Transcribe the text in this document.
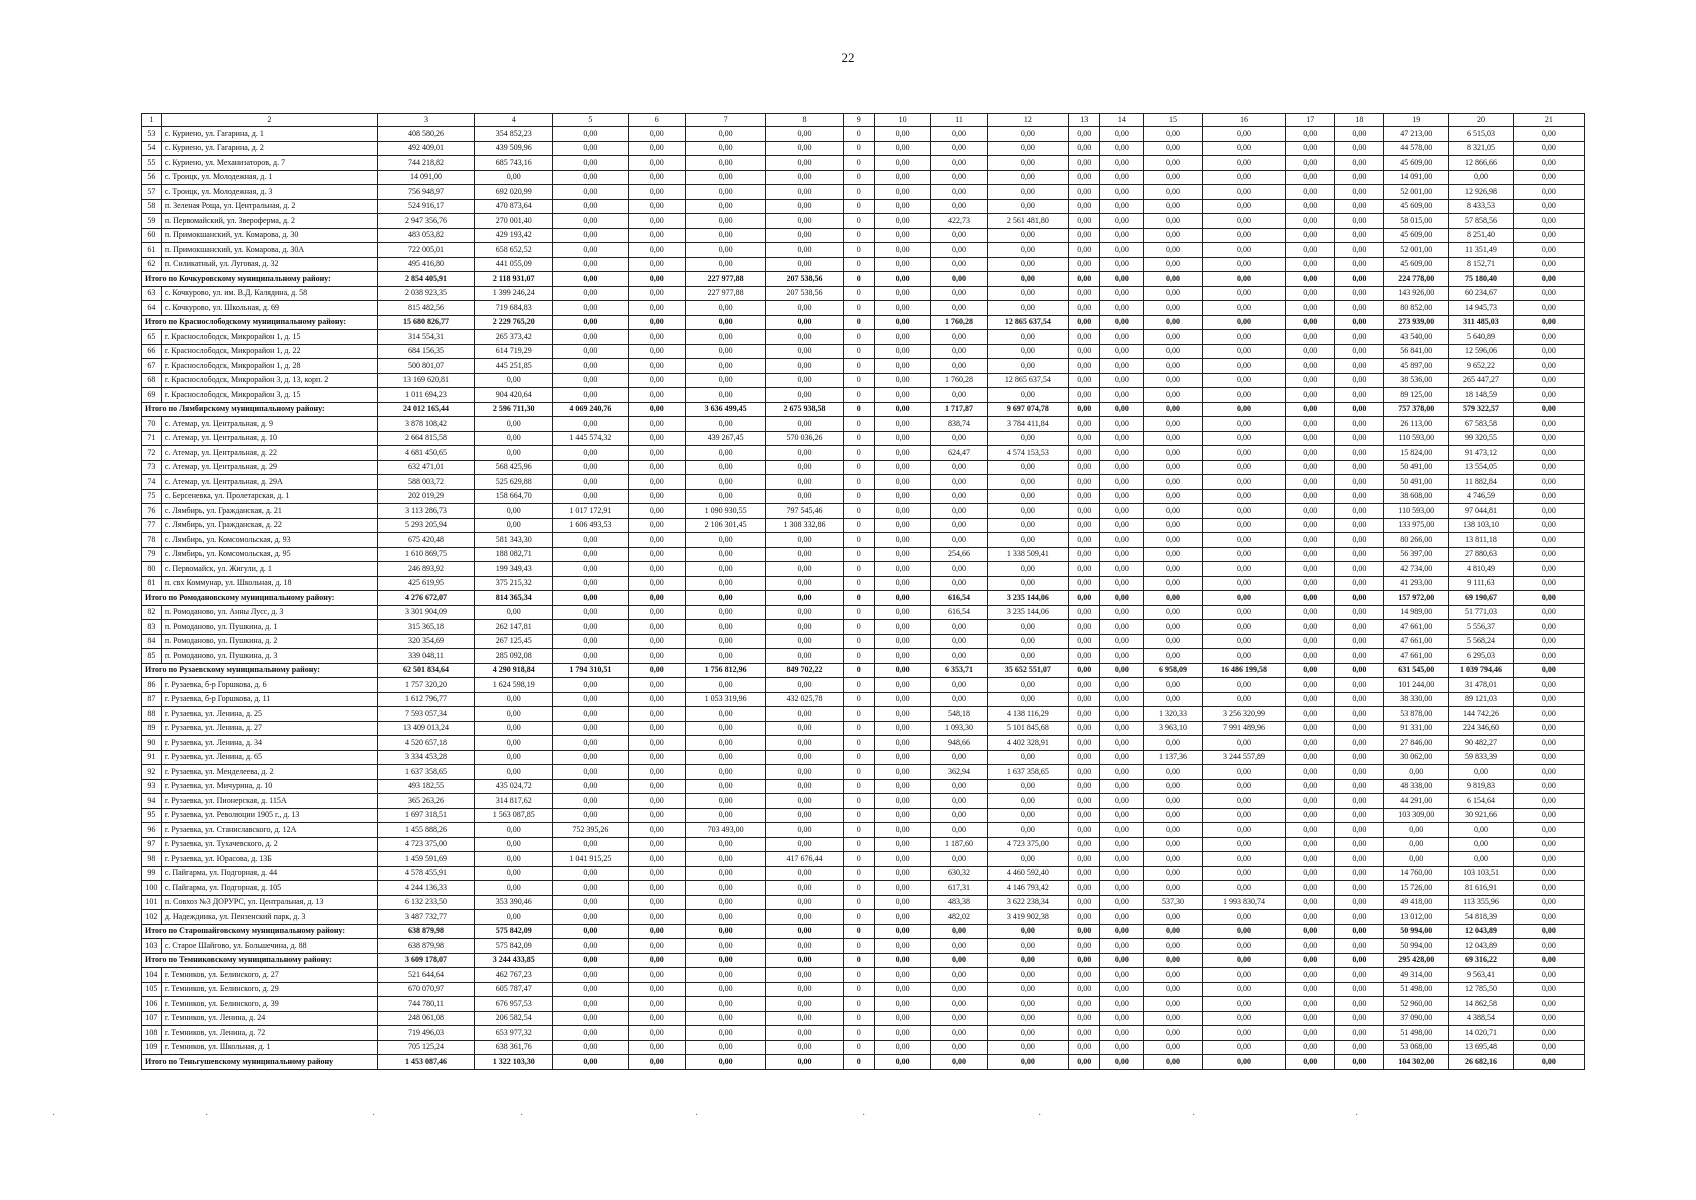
22
1	2	3	4	5	6	7	8	9	10	11	12	13	14	15	16	17	18	19	20	21
53	с. Куриено, ул. Гагарина, д. 1	408 580,26	354 852,23	0,00	0,00	0,00	0,00	0	0,00	0,00	0,00	0,00	0,00	0,00	0,00	0,00	0,00	47 213,00	6 515,03	0,00
54	с. Куриено, ул. Гагарина, д. 2	492 409,01	439 509,96	0,00	0,00	0,00	0,00	0	0,00	0,00	0,00	0,00	0,00	0,00	0,00	0,00	0,00	44 578,00	8 321,05	0,00
55	с. Куриено, ул. Механизаторов, д. 7	744 218,82	685 743,16	0,00	0,00	0,00	0,00	0	0,00	0,00	0,00	0,00	0,00	0,00	0,00	0,00	0,00	45 609,00	12 866,66	0,00
56	с. Троицк, ул. Молодежная, д. 1	14 091,00	0,00	0,00	0,00	0,00	0,00	0	0,00	0,00	0,00	0,00	0,00	0,00	0,00	0,00	0,00	14 091,00	0,00	0,00
57	с. Троицк, ул. Молодежная, д. 3	756 948,97	692 020,99	0,00	0,00	0,00	0,00	0	0,00	0,00	0,00	0,00	0,00	0,00	0,00	0,00	0,00	52 001,00	12 926,98	0,00
58	п. Зеленая Роща, ул. Центральная, д. 2	524 916,17	470 873,64	0,00	0,00	0,00	0,00	0	0,00	0,00	0,00	0,00	0,00	0,00	0,00	0,00	0,00	45 609,00	8 433,53	0,00
59	п. Первомайский, ул. Звероферма, д. 2	2 947 356,76	270 001,40	0,00	0,00	0,00	0,00	0	0,00	422,73	2 561 481,80	0,00	0,00	0,00	0,00	0,00	0,00	58 015,00	57 858,56	0,00
60	п. Примокшанский, ул. Комарова, д. 30	483 053,82	429 193,42	0,00	0,00	0,00	0,00	0	0,00	0,00	0,00	0,00	0,00	0,00	0,00	0,00	0,00	45 609,00	8 251,40	0,00
61	п. Примокшанский, ул. Комарова, д. 30А	722 005,01	658 652,52	0,00	0,00	0,00	0,00	0	0,00	0,00	0,00	0,00	0,00	0,00	0,00	0,00	0,00	52 001,00	11 351,49	0,00
62	п. Силикатный, ул. Луговая, д. 32	495 416,80	441 055,09	0,00	0,00	0,00	0,00	0	0,00	0,00	0,00	0,00	0,00	0,00	0,00	0,00	0,00	45 609,00	8 152,71	0,00
Итого по Кочкуровскому муниципальному району:		2 854 405,91	2 118 931,07	0,00	0,00	227 977,88	207 538,56	0	0,00	0,00	0,00	0,00	0,00	0,00	0,00	0,00	0,00	224 778,00	75 180,40	0,00
63	с. Кочкурово, ул. им. В.Д. Калядина, д. 58	2 038 923,35	1 399 246,24	0,00	0,00	227 977,88	207 538,56	0	0,00	0,00	0,00	0,00	0,00	0,00	0,00	0,00	0,00	143 926,00	60 234,67	0,00
64	с. Кочкурово, ул. Школьная, д. 69	815 482,56	719 684,83	0,00	0,00	0,00	0,00	0	0,00	0,00	0,00	0,00	0,00	0,00	0,00	0,00	0,00	80 852,00	14 945,73	0,00
Итого по Краснослободскому муниципальному району:		15 680 826,77	2 229 765,20	0,00	0,00	0,00	0,00	0	0,00	1 760,28	12 865 637,54	0,00	0,00	0,00	0,00	0,00	0,00	273 939,00	311 485,03	0,00
65	г. Краснослободск, Микрорайон 1, д. 15	314 554,31	265 373,42	0,00	0,00	0,00	0,00	0	0,00	0,00	0,00	0,00	0,00	0,00	0,00	0,00	0,00	43 540,00	5 640,89	0,00
66	г. Краснослободск, Микрорайон 1, д. 22	684 156,35	614 719,29	0,00	0,00	0,00	0,00	0	0,00	0,00	0,00	0,00	0,00	0,00	0,00	0,00	0,00	56 841,00	12 596,06	0,00
67	г. Краснослободск, Микрорайон 1, д. 28	500 801,07	445 251,85	0,00	0,00	0,00	0,00	0	0,00	0,00	0,00	0,00	0,00	0,00	0,00	0,00	0,00	45 897,00	9 652,22	0,00
68	г. Краснослободск, Микрорайон 3, д. 13, корп. 2	13 169 620,81	0,00	0,00	0,00	0,00	0,00	0	0,00	1 760,28	12 865 637,54	0,00	0,00	0,00	0,00	0,00	0,00	38 536,00	265 447,27	0,00
69	г. Краснослободск, Микрорайон 3, д. 15	1 011 694,23	904 420,64	0,00	0,00	0,00	0,00	0	0,00	0,00	0,00	0,00	0,00	0,00	0,00	0,00	0,00	89 125,00	18 148,59	0,00
Итого по Лямбирскому муниципальному району:		24 012 165,44	2 596 711,30	4 069 240,76	0,00	3 636 499,45	2 675 938,58	0	0,00	1 717,87	9 697 074,78	0,00	0,00	0,00	0,00	0,00	0,00	757 378,00	579 322,57	0,00
70	с. Атемар, ул. Центральная, д. 9	3 878 108,42	0,00	0,00	0,00	0,00	0,00	0	0,00	838,74	3 784 411,84	0,00	0,00	0,00	0,00	0,00	0,00	26 113,00	67 583,58	0,00
71	с. Атемар, ул. Центральная, д. 10	2 664 815,58	0,00	1 445 574,32	0,00	439 267,45	570 036,26	0	0,00	0,00	0,00	0,00	0,00	0,00	0,00	0,00	0,00	110 593,00	99 320,55	0,00
72	с. Атемар, ул. Центральная, д. 22	4 681 450,65	0,00	0,00	0,00	0,00	0,00	0	0,00	624,47	4 574 153,53	0,00	0,00	0,00	0,00	0,00	0,00	15 824,00	91 473,12	0,00
73	с. Атемар, ул. Центральная, д. 29	632 471,01	568 425,96	0,00	0,00	0,00	0,00	0	0,00	0,00	0,00	0,00	0,00	0,00	0,00	0,00	0,00	50 491,00	13 554,05	0,00
74	с. Атемар, ул. Центральная, д. 29А	588 003,72	525 629,88	0,00	0,00	0,00	0,00	0	0,00	0,00	0,00	0,00	0,00	0,00	0,00	0,00	0,00	50 491,00	11 882,84	0,00
75	с. Берсеневка, ул. Пролетарская, д. 1	202 019,29	158 664,70	0,00	0,00	0,00	0,00	0	0,00	0,00	0,00	0,00	0,00	0,00	0,00	0,00	0,00	38 608,00	4 746,59	0,00
76	с. Лямбирь, ул. Гражданская, д. 21	3 113 286,73	0,00	1 017 172,91	0,00	1 090 930,55	797 545,46	0	0,00	0,00	0,00	0,00	0,00	0,00	0,00	0,00	0,00	110 593,00	97 044,81	0,00
77	с. Лямбирь, ул. Гражданская, д. 22	5 293 205,94	0,00	1 606 493,53	0,00	2 106 301,45	1 308 332,86	0	0,00	0,00	0,00	0,00	0,00	0,00	0,00	0,00	0,00	133 975,00	138 103,10	0,00
78	с. Лямбирь, ул. Комсомольская, д. 93	675 420,48	581 343,30	0,00	0,00	0,00	0,00	0	0,00	0,00	0,00	0,00	0,00	0,00	0,00	0,00	0,00	80 266,00	13 811,18	0,00
79	с. Лямбирь, ул. Комсомольская, д. 95	1 610 869,75	188 082,71	0,00	0,00	0,00	0,00	0	0,00	254,66	1 338 509,41	0,00	0,00	0,00	0,00	0,00	0,00	56 397,00	27 880,63	0,00
80	с. Первомайск, ул. Жигули, д. 1	246 893,92	199 349,43	0,00	0,00	0,00	0,00	0	0,00	0,00	0,00	0,00	0,00	0,00	0,00	0,00	0,00	42 734,00	4 810,49	0,00
81	п. свх Коммунар, ул. Школьная, д. 18	425 619,95	375 215,32	0,00	0,00	0,00	0,00	0	0,00	0,00	0,00	0,00	0,00	0,00	0,00	0,00	0,00	41 293,00	9 111,63	0,00
Итого по Ромодановскому муниципальному району:		4 276 672,07	814 365,34	0,00	0,00	0,00	0,00	0	0,00	616,54	3 235 144,06	0,00	0,00	0,00	0,00	0,00	0,00	157 972,00	69 190,67	0,00
82	п. Ромоданово, ул. Анны Лусс, д. 3	3 301 904,09	0,00	0,00	0,00	0,00	0,00	0	0,00	616,54	3 235 144,06	0,00	0,00	0,00	0,00	0,00	0,00	14 989,00	51 771,03	0,00
83	п. Ромоданово, ул. Пушкина, д. 1	315 365,18	262 147,81	0,00	0,00	0,00	0,00	0	0,00	0,00	0,00	0,00	0,00	0,00	0,00	0,00	0,00	47 661,00	5 556,37	0,00
84	п. Ромоданово, ул. Пушкина, д. 2	320 354,69	267 125,45	0,00	0,00	0,00	0,00	0	0,00	0,00	0,00	0,00	0,00	0,00	0,00	0,00	0,00	47 661,00	5 568,24	0,00
85	п. Ромоданово, ул. Пушкина, д. 3	339 048,11	285 092,08	0,00	0,00	0,00	0,00	0	0,00	0,00	0,00	0,00	0,00	0,00	0,00	0,00	0,00	47 661,00	6 295,03	0,00
Итого по Рузаевскому муниципальному району:		62 501 834,64	4 290 918,84	1 794 310,51	0,00	1 756 812,96	849 702,22	0	0,00	6 353,71	35 652 551,07	0,00	0,00	6 958,09	16 486 199,58	0,00	0,00	631 545,00	1 039 794,46	0,00
86	г. Рузаевка, б-р Горшкова, д. 6	1 757 320,20	1 624 598,19	0,00	0,00	0,00	0,00	0	0,00	0,00	0,00	0,00	0,00	0,00	0,00	0,00	0,00	101 244,00	31 478,01	0,00
87	г. Рузаевка, б-р Горшкова, д. 11	1 612 796,77	0,00	0,00	0,00	1 053 319,96	432 025,78	0	0,00	0,00	0,00	0,00	0,00	0,00	0,00	0,00	0,00	38 330,00	89 121,03	0,00
88	г. Рузаевка, ул. Ленина, д. 25	7 593 057,34	0,00	0,00	0,00	0,00	0,00	0	0,00	548,18	4 138 116,29	0,00	0,00	1 320,33	3 256 320,99	0,00	0,00	53 878,00	144 742,26	0,00
89	г. Рузаевка, ул. Ленина, д. 27	13 409 013,24	0,00	0,00	0,00	0,00	0,00	0	0,00	1 093,30	5 101 845,68	0,00	0,00	3 963,10	7 991 489,96	0,00	0,00	91 331,00	224 346,60	0,00
90	г. Рузаевка, ул. Ленина, д. 34	4 520 657,18	0,00	0,00	0,00	0,00	0,00	0	0,00	948,66	4 402 328,91	0,00	0,00	0,00	0,00	0,00	0,00	27 846,00	90 482,27	0,00
91	г. Рузаевка, ул. Ленина, д. 65	3 334 453,28	0,00	0,00	0,00	0,00	0,00	0	0,00	0,00	0,00	0,00	0,00	1 137,36	3 244 557,89	0,00	0,00	30 062,00	59 833,39	0,00
92	г. Рузаевка, ул. Менделеева, д. 2	1 637 358,65	0,00	0,00	0,00	0,00	0,00	0	0,00	362,94	1 637 358,65	0,00	0,00	0,00	0,00	0,00	0,00	0,00	0,00	0,00
93	г. Рузаевка, ул. Мичурина, д. 10	493 182,55	435 024,72	0,00	0,00	0,00	0,00	0	0,00	0,00	0,00	0,00	0,00	0,00	0,00	0,00	0,00	48 338,00	9 819,83	0,00
94	г. Рузаевка, ул. Пионерская, д. 115А	365 263,26	314 817,62	0,00	0,00	0,00	0,00	0	0,00	0,00	0,00	0,00	0,00	0,00	0,00	0,00	0,00	44 291,00	6 154,64	0,00
95	г. Рузаевка, ул. Революции 1905 г., д. 13	1 697 318,51	1 563 087,85	0,00	0,00	0,00	0,00	0	0,00	0,00	0,00	0,00	0,00	0,00	0,00	0,00	0,00	103 309,00	30 921,66	0,00
96	г. Рузаевка, ул. Станиславского, д. 12А	1 455 888,26	0,00	752 395,26	0,00	703 493,00	0,00	0	0,00	0,00	0,00	0,00	0,00	0,00	0,00	0,00	0,00	0,00	0,00	0,00
97	г. Рузаевка, ул. Тухачевского, д. 2	4 723 375,00	0,00	0,00	0,00	0,00	0,00	0	0,00	1 187,60	4 723 375,00	0,00	0,00	0,00	0,00	0,00	0,00	0,00	0,00	0,00
98	г. Рузаевка, ул. Юрасова, д. 13Б	1 459 591,69	0,00	1 041 915,25	0,00	0,00	417 676,44	0	0,00	0,00	0,00	0,00	0,00	0,00	0,00	0,00	0,00	0,00	0,00	0,00
99	с. Пайгарма, ул. Подгорная, д. 44	4 578 455,91	0,00	0,00	0,00	0,00	0,00	0	0,00	630,32	4 460 592,40	0,00	0,00	0,00	0,00	0,00	0,00	14 760,00	103 103,51	0,00
100	с. Пайгарма, ул. Подгорная, д. 105	4 244 136,33	0,00	0,00	0,00	0,00	0,00	0	0,00	617,31	4 146 793,42	0,00	0,00	0,00	0,00	0,00	0,00	15 726,00	81 616,91	0,00
101	п. Совхоз №3 ДОРУРС, ул. Центральная, д. 13	6 132 233,50	353 390,46	0,00	0,00	0,00	0,00	0	0,00	483,38	3 622 238,34	0,00	0,00	537,30	1 993 830,74	0,00	0,00	49 418,00	113 355,96	0,00
102	д. Надеждинка, ул. Пензенский парк, д. 3	3 487 732,77	0,00	0,00	0,00	0,00	0,00	0	0,00	482,02	3 419 902,38	0,00	0,00	0,00	0,00	0,00	0,00	13 012,00	54 818,39	0,00
Итого по Старошайговскому муниципальному району:		638 879,98	575 842,09	0,00	0,00	0,00	0,00	0	0,00	0,00	0,00	0,00	0,00	0,00	0,00	0,00	0,00	50 994,00	12 043,89	0,00
103	с. Старое Шайгово, ул. Большечина, д. 88	638 879,98	575 842,09	0,00	0,00	0,00	0,00	0	0,00	0,00	0,00	0,00	0,00	0,00	0,00	0,00	0,00	50 994,00	12 043,89	0,00
Итого по Темниковскому муниципальному району:		3 609 178,07	3 244 433,85	0,00	0,00	0,00	0,00	0	0,00	0,00	0,00	0,00	0,00	0,00	0,00	0,00	0,00	295 428,00	69 316,22	0,00
104	г. Темников, ул. Белинского, д. 27	521 644,64	462 767,23	0,00	0,00	0,00	0,00	0	0,00	0,00	0,00	0,00	0,00	0,00	0,00	0,00	0,00	49 314,00	9 563,41	0,00
105	г. Темников, ул. Белинского, д. 29	670 070,97	605 787,47	0,00	0,00	0,00	0,00	0	0,00	0,00	0,00	0,00	0,00	0,00	0,00	0,00	0,00	51 498,00	12 785,50	0,00
106	г. Темников, ул. Белинского, д. 39	744 780,11	676 957,53	0,00	0,00	0,00	0,00	0	0,00	0,00	0,00	0,00	0,00	0,00	0,00	0,00	0,00	52 960,00	14 862,58	0,00
107	г. Темников, ул. Ленина, д. 24	248 061,08	206 582,54	0,00	0,00	0,00	0,00	0	0,00	0,00	0,00	0,00	0,00	0,00	0,00	0,00	0,00	37 090,00	4 388,54	0,00
108	г. Темников, ул. Ленина, д. 72	719 496,03	653 977,32	0,00	0,00	0,00	0,00	0	0,00	0,00	0,00	0,00	0,00	0,00	0,00	0,00	0,00	51 498,00	14 020,71	0,00
109	г. Темников, ул. Школьная, д. 1	705 125,24	638 361,76	0,00	0,00	0,00	0,00	0	0,00	0,00	0,00	0,00	0,00	0,00	0,00	0,00	0,00	53 068,00	13 695,48	0,00
Итого по Теньгушевскому муниципальному району		1 453 087,46	1 322 103,30	0,00	0,00	0,00	0,00	0	0,00	0,00	0,00	0,00	0,00	0,00	0,00	0,00	0,00	104 302,00	26 682,16	0,00
·	·	·	·	·	·	·	·	·
